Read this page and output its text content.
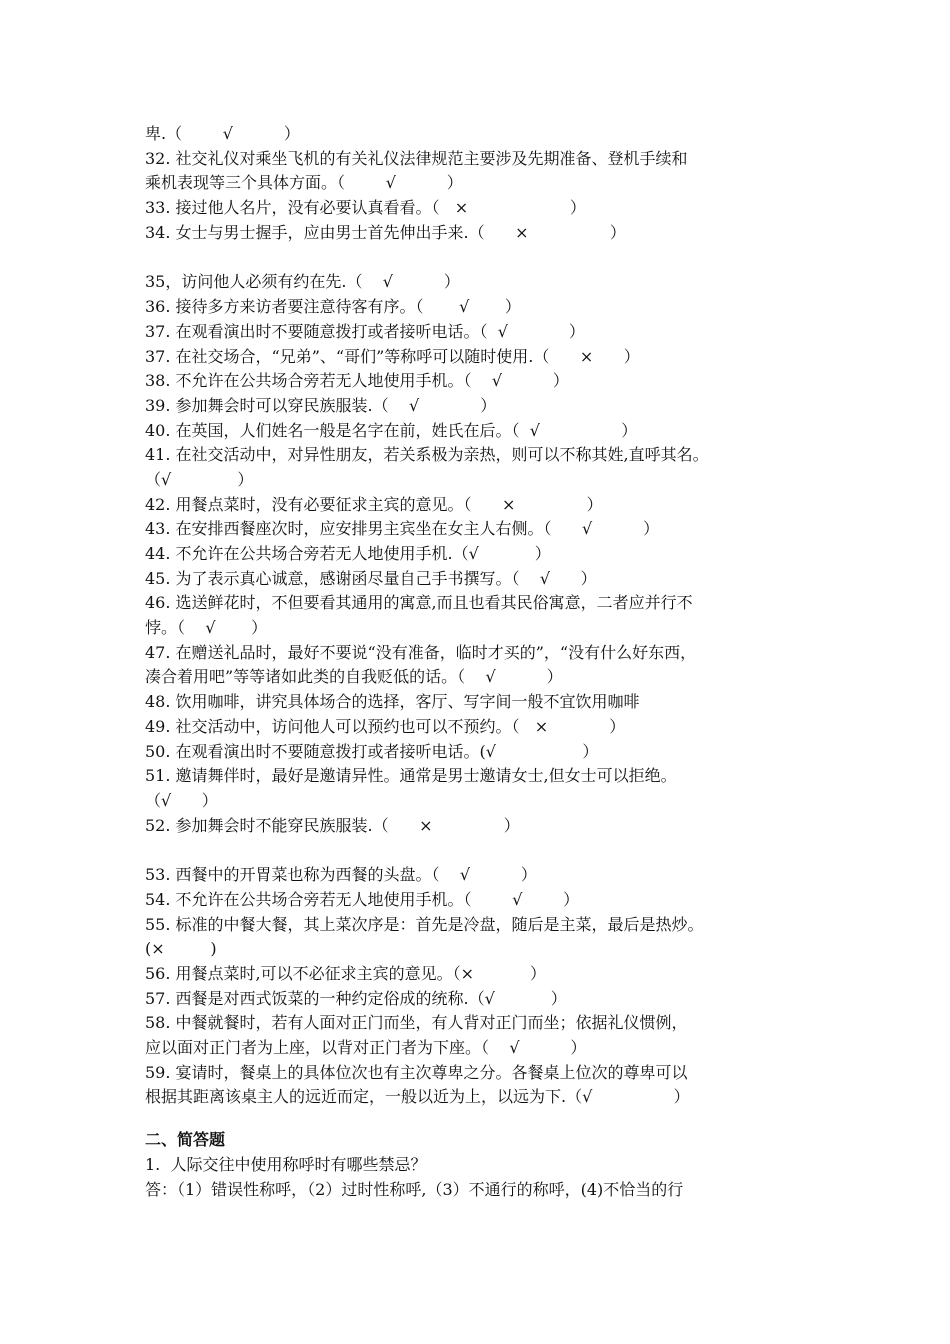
卑.（        √          ）
32. 社交礼仪对乘坐飞机的有关礼仪法律规范主要涉及先期准备、登机手续和
乘机表现等三个具体方面。（        √          ）
33. 接过他人名片，没有必要认真看看。（   ×                    ）
34. 女士与男士握手，应由男士首先伸出手来.（      ×                ）
35，访问他人必须有约在先.（    √          ）
36. 接待多方来访者要注意待客有序。（       √       ）
37. 在观看演出时不要随意拨打或者接听电话。（  √            ）
37. 在社交场合，“兄弟”、“哥们”等称呼可以随时使用.（      ×      ）
38. 不允许在公共场合旁若无人地使用手机。（    √          ）
39. 参加舞会时可以穿民族服装.（    √            ）
40. 在英国，人们姓名一般是名字在前，姓氏在后。（  √                ）
41. 在社交活动中，对异性朋友，若关系极为亲热，则可以不称其姓,直呼其名。
（√             ）
42. 用餐点菜时，没有必要征求主宾的意见。（      ×              ）
43. 在安排西餐座次时，应安排男主宾坐在女主人右侧。（      √          ）
44. 不允许在公共场合旁若无人地使用手机.（√           ）
45. 为了表示真心诚意，感谢函尽量自己手书撰写。（    √      ）
46. 选送鲜花时，不但要看其通用的寓意,而且也看其民俗寓意，二者应并行不
悖。（    √       ）
47. 在赠送礼品时，最好不要说“没有准备，临时才买的”，“没有什么好东西，
凑合着用吧”等等诸如此类的自我贬低的话。（    √          ）
48. 饮用咖啡，讲究具体场合的选择，客厅、写字间一般不宜饮用咖啡
49. 社交活动中，访问他人可以预约也可以不预约。（   ×            ）
50. 在观看演出时不要随意拨打或者接听电话。(√                 ）
51. 邀请舞伴时，最好是邀请异性。通常是男士邀请女士,但女士可以拒绝。
（√      ）
52. 参加舞会时不能穿民族服装.（      ×              ）
53. 西餐中的开胃菜也称为西餐的头盘。（    √          ）
54. 不允许在公共场合旁若无人地使用手机。（        √        ）
55. 标准的中餐大餐，其上菜次序是：首先是冷盘，随后是主菜，最后是热炒。
(×         )
56. 用餐点菜时,可以不必征求主宾的意见。（×           ）
57. 西餐是对西式饭菜的一种约定俗成的统称.（√           ）
58. 中餐就餐时，若有人面对正门而坐，有人背对正门而坐；依据礼仪惯例，
应以面对正门者为上座，以背对正门者为下座。（    √          ）
59. 宴请时，餐桌上的具体位次也有主次尊卑之分。各餐桌上位次的尊卑可以
根据其距离该桌主人的远近而定，一般以近为上，以远为下.（√                ）
二、简答题
1.  人际交往中使用称呼时有哪些禁忌？
答：（1）错误性称呼，（2）过时性称呼,（3）不通行的称呼，(4)不恰当的行
